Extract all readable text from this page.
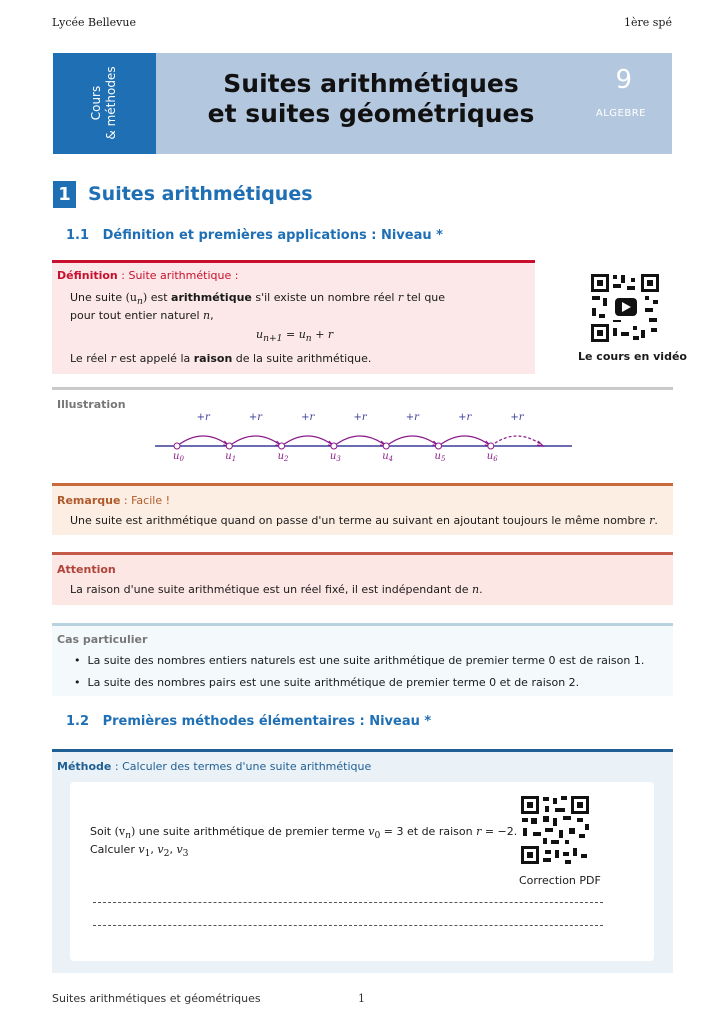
Lycée Bellevue	1ère spé
Cours & méthodes	Suites arithmétiques
et suites géométriques
9
ALGEBRE
1 Suites arithmétiques
1.1 Définition et premières applications : Niveau *
Définition : Suite arithmétique :
Une suite $(u_n)$ est arithmétique s'il existe un nombre réel r tel que
pour tout entier naturel n,
$u_{n+1} = u_n + r$
Le réel r est appelé la raison de la suite arithmétique.	Le cours en vidéo
Illustration
+r	+r	+r	+r	+r	+r	+r
$u_0$	$u_1$	$u_2$	$u_3$	$u_4$	$u_5$	$u_6$
Remarque : Facile !
Une suite est arithmétique quand on passe d'un terme au suivant en ajoutant toujours le même nombre r.
Attention
La raison d'une suite arithmétique est un réel fixé, il est indépendant de n.
Cas particulier
•  La suite des nombres entiers naturels est une suite arithmétique de premier terme 0 est de raison 1.
•  La suite des nombres pairs est une suite arithmétique de premier terme 0 et de raison 2.
1.2 Premières méthodes élémentaires : Niveau *
Méthode : Calculer des termes d'une suite arithmétique
Soit $(v_n)$ une suite arithmétique de premier terme $v_0 = 3$ et de raison r = −2.
Calculer $v_1$, $v_2$, $v_3$
Correction PDF
Suites arithmétiques et géométriques	1
